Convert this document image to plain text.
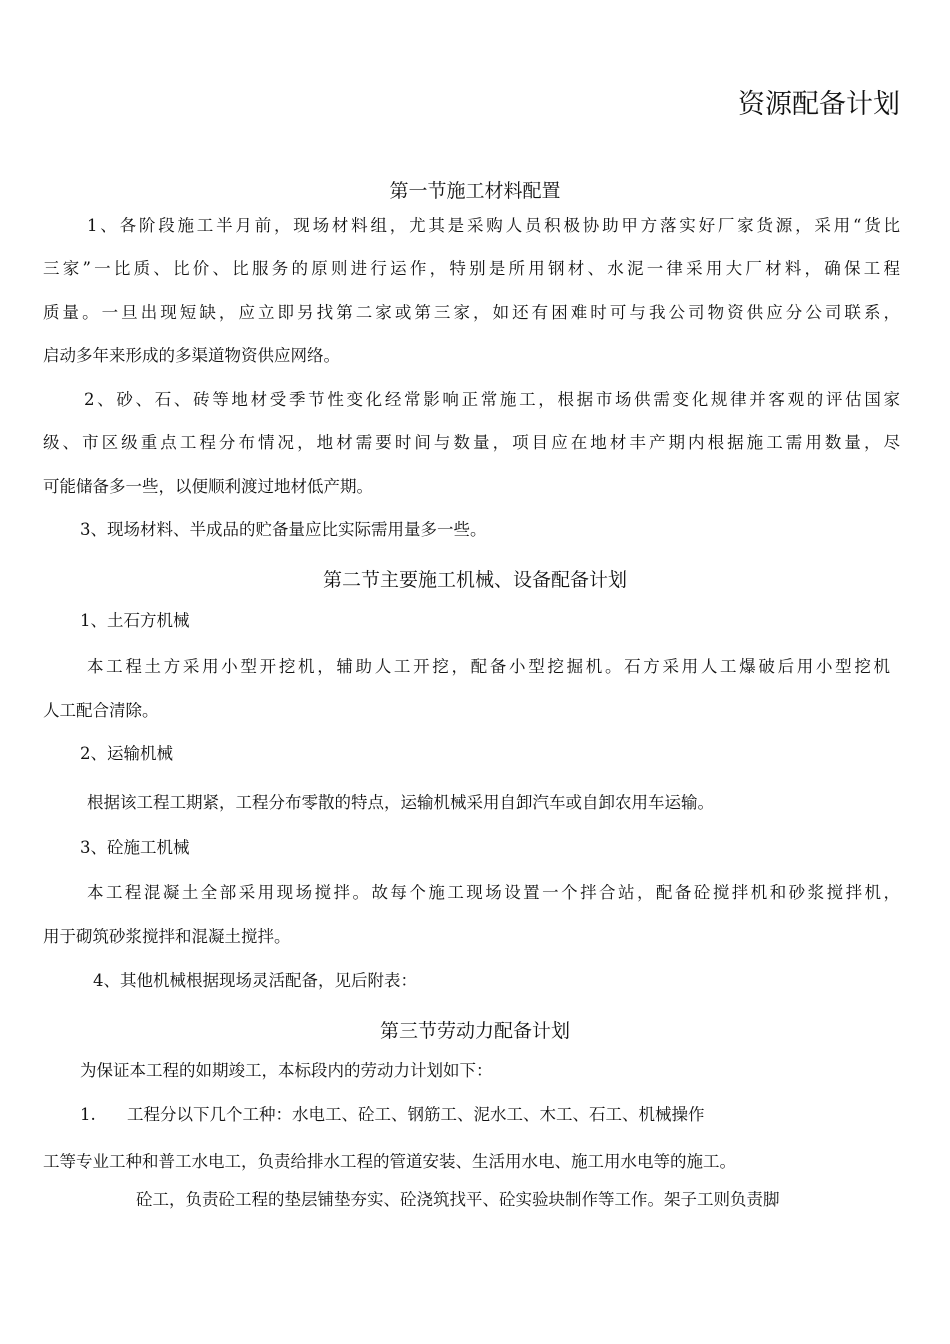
资源配备计划
第一节施工材料配置
1、各阶段施工半月前，现场材料组，尤其是采购人员积极协助甲方落实好厂家货源，采用“货比
三家”一比质、比价、比服务的原则进行运作，特别是所用钢材、水泥一律采用大厂材料，确保工程
质量。一旦出现短缺，应立即另找第二家或第三家，如还有困难时可与我公司物资供应分公司联系，
启动多年来形成的多渠道物资供应网络。
2、砂、石、砖等地材受季节性变化经常影响正常施工，根据市场供需变化规律并客观的评估国家
级、市区级重点工程分布情况，地材需要时间与数量，项目应在地材丰产期内根据施工需用数量，尽
可能储备多一些，以便顺利渡过地材低产期。
3、现场材料、半成品的贮备量应比实际需用量多一些。
第二节主要施工机械、设备配备计划
1、土石方机械
本工程土方采用小型开挖机，辅助人工开挖，配备小型挖掘机。石方采用人工爆破后用小型挖机
人工配合清除。
2、运输机械
根据该工程工期紧，工程分布零散的特点，运输机械采用自卸汽车或自卸农用车运输。
3、砼施工机械
本工程混凝土全部采用现场搅拌。故每个施工现场设置一个拌合站，配备砼搅拌机和砂浆搅拌机，
用于砌筑砂浆搅拌和混凝土搅拌。
4、其他机械根据现场灵活配备，见后附表：
第三节劳动力配备计划
为保证本工程的如期竣工，本标段内的劳动力计划如下：
1. 工程分以下几个工种：水电工、砼工、钢筋工、泥水工、木工、石工、机械操作
工等专业工种和普工水电工，负责给排水工程的管道安装、生活用水电、施工用水电等的施工。
砼工，负责砼工程的垫层铺垫夯实、砼浇筑找平、砼实验块制作等工作。架子工则负责脚
